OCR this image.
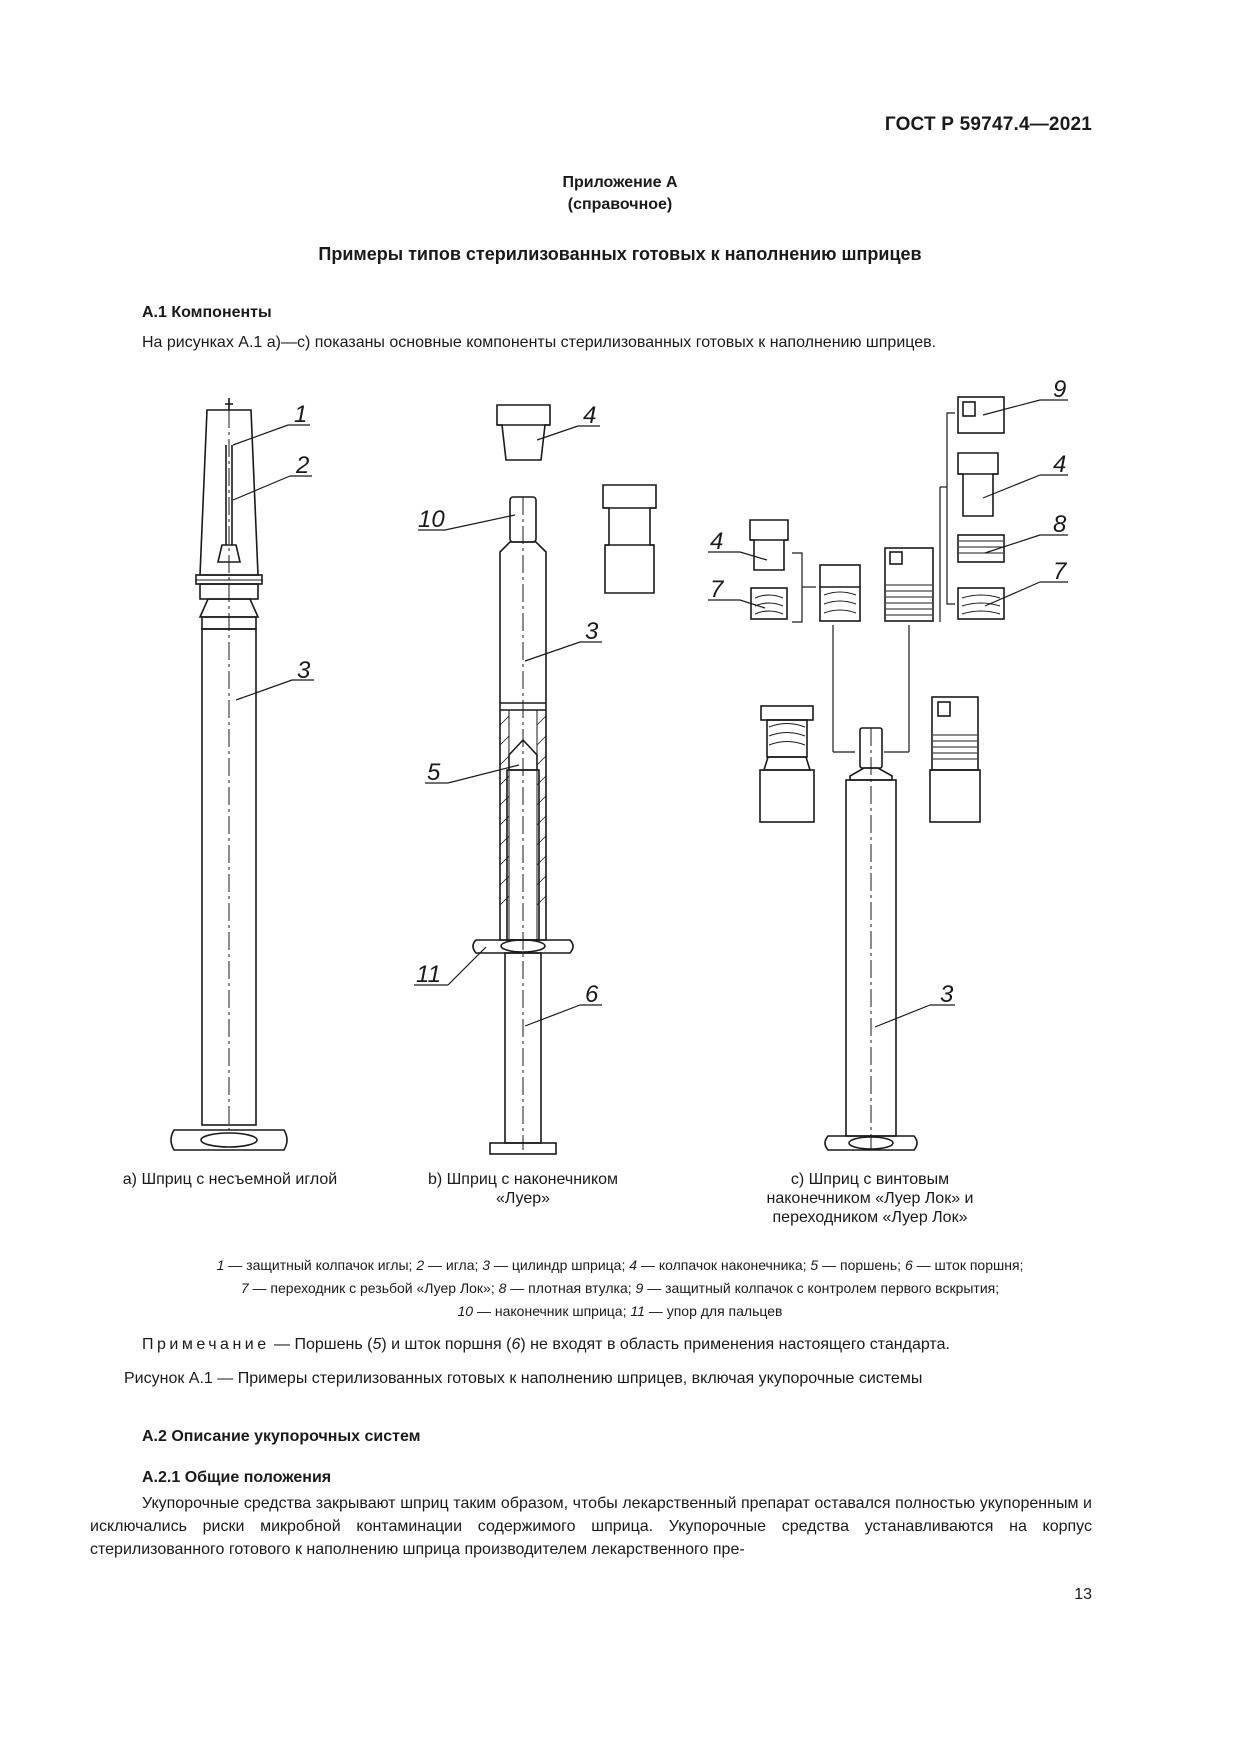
ГОСТ Р 59747.4—2021
Приложение А
(справочное)
Примеры типов стерилизованных готовых к наполнению шприцев
А.1 Компоненты
На рисунках А.1 а)—с) показаны основные компоненты стерилизованных готовых к наполнению шприцев.
1
2
3
4
10
3
5
6
11
4
7
9
4
8
7
3
a) Шприц с несъемной иглой	b) Шприц с наконечником
«Луер»
c) Шприц с винтовым
наконечником «Луер Лок» и
переходником «Луер Лок»
1 — защитный колпачок иглы; 2 — игла; 3 — цилиндр шприца; 4 — колпачок наконечника; 5 — поршень; 6 — шток поршня;
7 — переходник с резьбой «Луер Лок»; 8 — плотная втулка; 9 — защитный колпачок с контролем первого вскрытия;
10 — наконечник шприца; 11 — упор для пальцев
Примечание — Поршень (5) и шток поршня (6) не входят в область применения настоящего стандарта.
Рисунок А.1 — Примеры стерилизованных готовых к наполнению шприцев, включая укупорочные системы
А.2 Описание укупорочных систем
А.2.1 Общие положения

Укупорочные средства закрывают шприц таким образом, чтобы лекарственный препарат оставался полностью укупоренным и исключались риски микробной контаминации содержимого шприца. Укупорочные средства устанавливаются на корпус стерилизованного готового к наполнению шприца производителем лекарственного пре-

13
